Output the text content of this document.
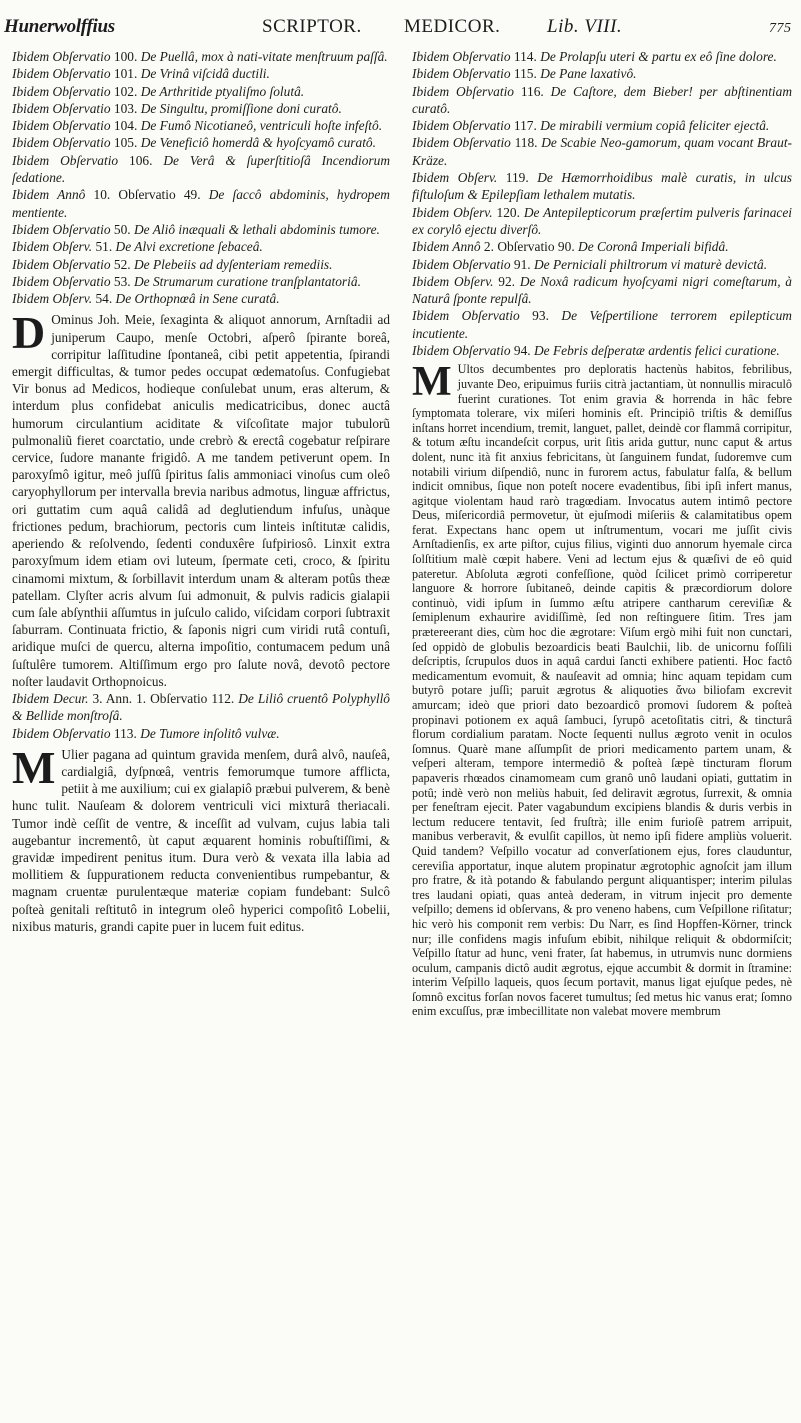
Hunerwolffius	SCRIPTOR. MEDICOR. Lib. VIII.	775

Ibidem Obſervatio 100. De Puellâ, mox à nati-vitate menſtruum paſſâ.

Ibidem Obſervatio 101. De Vrinâ viſcidâ ductili.

Ibidem Obſervatio 102. De Arthritide ptyaliſmo ſolutâ.

Ibidem Obſervatio 103. De Singultu, promiſſione doni curatô.

Ibidem Obſervatio 104. De Fumô Nicotianeô, ventriculi hoſte infeſtô.

Ibidem Obſervatio 105. De Veneficiô homerdâ & hyoſcyamô curatô.

Ibidem Obſervatio 106. De Verâ & ſuperſtitioſâ Incendiorum ſedatione.

Ibidem Annô 10. Obſervatio 49. De ſaccô abdominis, hydropem mentiente.

Ibidem Obſervatio 50. De Aliô inæquali & lethali abdominis tumore.

Ibidem Obſerv. 51. De Alvi excretione ſebaceâ.

Ibidem Obſervatio 52. De Plebeiis ad dyſenteriam remediis.

Ibidem Obſervatio 53. De Strumarum curatione tranſplantatoriâ.

Ibidem Obſerv. 54. De Orthopnœâ in Sene curatâ.

D Ominus Joh. Meie, ſexaginta & aliquot annorum, Arnſtadii ad juniperum Caupo, menſe Octobri, aſperô ſpirante boreâ, corripitur laſſitudine ſpontaneâ, cibi petit appetentia, ſpirandi emergit difficultas, & tumor pedes occupat œdematoſus. Confugiebat Vir bonus ad Medicos, hodieque conſulebat unum, eras alterum, & interdum plus confidebat aniculis medicatricibus, donec auctâ humorum circulantium aciditate & viſcoſitate major tubulorũ pulmonaliũ fieret coarctatio, unde crebrò & erectâ cogebatur reſpirare cervice, ſudore manante frigidô. A me tandem petiverunt opem. In paroxyſmô igitur, meô juſſû ſpiritus ſalis ammoniaci vinoſus cum oleô caryophyllorum per intervalla brevia naribus admotus, linguæ affrictus, ori guttatim cum aquâ calidâ ad deglutiendum infuſus, unàque frictiones pedum, brachiorum, pectoris cum linteis inſtitutæ calidis, aperiendo & reſolvendo, ſedenti conduxêre ſufpiriosô. Linxit extra paroxyſmum idem etiam ovi luteum, ſpermate ceti, croco, & ſpiritu cinamomi mixtum, & ſorbillavit interdum unam & alteram potûs theæ patellam. Clyſter acris alvum ſui admonuit, & pulvis radicis gialapii cum ſale abſynthii aſſumtus in juſculo calido, viſcidam corpori ſubtraxit ſaburram. Continuata frictio, & ſaponis nigri cum viridi rutâ contuſi, aridique muſci de quercu, alterna impoſitio, contumacem pedum unâ ſuſtulêre tumorem. Altiſſimum ergo pro ſalute novâ, devotô pectore noſter laudavit Orthopnoicus.

Ibidem Decur. 3. Ann. 1. Obſervatio 112. De Liliô cruentô Polyphyllô & Bellide monſtroſâ.

Ibidem Obſervatio 113. De Tumore inſolitô vulvæ.

M Ulier pagana ad quintum gravida menſem, durâ alvô, nauſeâ, cardialgiâ, dyſpnœâ, ventris femorumque tumore afflicta, petiit à me auxilium; cui ex gialapiô præbui pulverem, & benè hunc tulit. Nauſeam & dolorem ventriculi vici mixturâ theriacali. Tumor indè ceſſit de ventre, & inceſſit ad vulvam, cujus labia tali augebantur incrementô, ùt caput æquarent hominis robuſtiſſimi, & gravidæ impedirent penitus itum. Dura verò & vexata illa labia ad mollitiem & ſuppurationem reducta convenientibus rumpebantur, & magnam cruentæ purulentæque materiæ copiam fundebant: Sulcô poſteà genitali reſtitutô in integrum oleô hyperici compoſitô Lobelii, nixibus maturis, grandi capite puer in lucem fuit editus.

Ibidem Obſervatio 114. De Prolapſu uteri & partu ex eô ſine dolore.

Ibidem Obſervatio 115. De Pane laxativô.

Ibidem Obſervatio 116. De Caſtore, dem Bieber! per abſtinentiam curatô.

Ibidem Obſervatio 117. De mirabili vermium copiâ feliciter ejectâ.

Ibidem Obſervatio 118. De Scabie Neo-gamorum, quam vocant Braut-Kräze.

Ibidem Obſerv. 119. De Hæmorrhoidibus malè curatis, in ulcus fiſtuloſum & Epilepſiam lethalem mutatis.

Ibidem Obſerv. 120. De Antepilepticorum præſertim pulveris farinacei ex corylô ejectu diverſô.

Ibidem Annô 2. Obſervatio 90. De Coronâ Imperiali bifidâ.

Ibidem Obſervatio 91. De Perniciali philtrorum vi maturè devictâ.

Ibidem Obſerv. 92. De Noxâ radicum hyoſcyami nigri comeſtarum, à Naturâ ſponte repulſâ.

Ibidem Obſervatio 93. De Veſpertilione terrorem epilepticum incutiente.

Ibidem Obſervatio 94. De Febris deſperatæ ardentis felici curatione.

M Ultos decumbentes pro deploratis hactenùs habitos, febrilibus, juvante Deo, eripuimus furiis citrà jactantiam, ùt nonnullis miraculô fuerint curationes. Tot enim gravia & horrenda in hâc febre ſymptomata tolerare, vix miſeri hominis eſt. Principiô triſtis & demiſſus inſtans horret incendium, tremit, languet, pallet, deindè cor flammâ corripitur, & totum æſtu incandeſcit corpus, urit ſitis arida guttur, nunc caput & artus dolent, nunc ità fit anxius febricitans, ùt ſanguinem fundat, ſudoremve cum notabili virium diſpendiô, nunc in furorem actus, fabulatur falſa, & bellum indicit omnibus, ſique non poteſt nocere evadentibus, ſibi ipſi infert manus, agitque violentam haud rarò tragœdiam. Invocatus autem intimô pectore Deus, miſericordiâ permovetur, ùt ejuſmodi miſeriis & calamitatibus opem ferat. Expectans hanc opem ut inſtrumentum, vocari me juſſit civis Arnſtadienſis, ex arte piſtor, cujus filius, viginti duo annorum hyemale circa ſolſtitium malè cœpit habere. Veni ad lectum ejus & quæſivi de eô quid pateretur. Abſoluta ægroti confeſſione, quòd ſcilicet primò corriperetur languore & horrore ſubitaneô, deinde capitis & præcordiorum dolore continuò, vidi ipſum in ſummo æſtu atripere cantharum cereviſiæ & ſemiplenum exhaurire avidiſſimè, ſed non reſtinguere ſitim. Tres jam prætereerant dies, cùm hoc die ægrotare: Viſum ergò mihi fuit non cunctari, ſed oppidò de globulis bezoardicis beati Baulchii, lib. de unicornu foſſili deſcriptis, ſcrupulos duos in aquâ cardui ſancti exhibere patienti. Hoc factô medicamentum evomuit, & nauſeavit ad omnia; hinc aquam tepidam cum butyrô potare juſſi; paruit ægrotus & aliquoties ἄνω biliofam excrevit amurcam; ideò que priori dato bezoardicô promovi ſudorem & poſteà propinavi potionem ex aquâ ſambuci, ſyrupô acetoſitatis citri, & tincturâ florum cordialium paratam. Nocte ſequenti nullus ægroto venit in oculos ſomnus. Quarè mane aſſumpſit de priori medicamento partem unam, & veſperi alteram, tempore intermediô & poſteà ſæpè tincturam florum papaveris rhœados cinamomeam cum granô unô laudani opiati, guttatim in potû; indè verò non meliùs habuit, ſed deliravit ægrotus, ſurrexit, & omnia per feneſtram ejecit. Pater vagabundum excipiens blandis & duris verbis in lectum reducere tentavit, ſed fruſtrà; ille enim furioſè patrem arripuit, manibus verberavit, & evulſit capillos, ùt nemo ipſi fidere ampliùs voluerit. Quid tandem? Veſpillo vocatur ad converſationem ejus, fores clauduntur, cereviſia apportatur, inque alutem propinatur ægrotophic agnoſcit jam illum pro fratre, & ità potando & fabulando pergunt aliquantisper; interim pilulas tres laudani opiati, quas anteà dederam, in vitrum injecit pro demente veſpillo; demens id obſervans, & pro veneno habens, cum Veſpillone riſitatur; hic verò his componit rem verbis: Du Narr, es ſind Hopffen-Körner, trinck nur; ille confidens magis infuſum ebibit, nihilque reliquit & obdormiſcit; Veſpillo ſtatur ad hunc, veni frater, ſat habemus, in utrumvis nunc dormiens oculum, campanis dictô audit ægrotus, ejque accumbit & dormit in ſtramine: interim Veſpillo laqueis, quos ſecum portavit, manus ligat ejuſque pedes, nè ſomnô excitus forſan novos faceret tumultus; ſed metus hic vanus erat; ſomno enim excuſſus, præ imbecillitate non valebat movere membrum
